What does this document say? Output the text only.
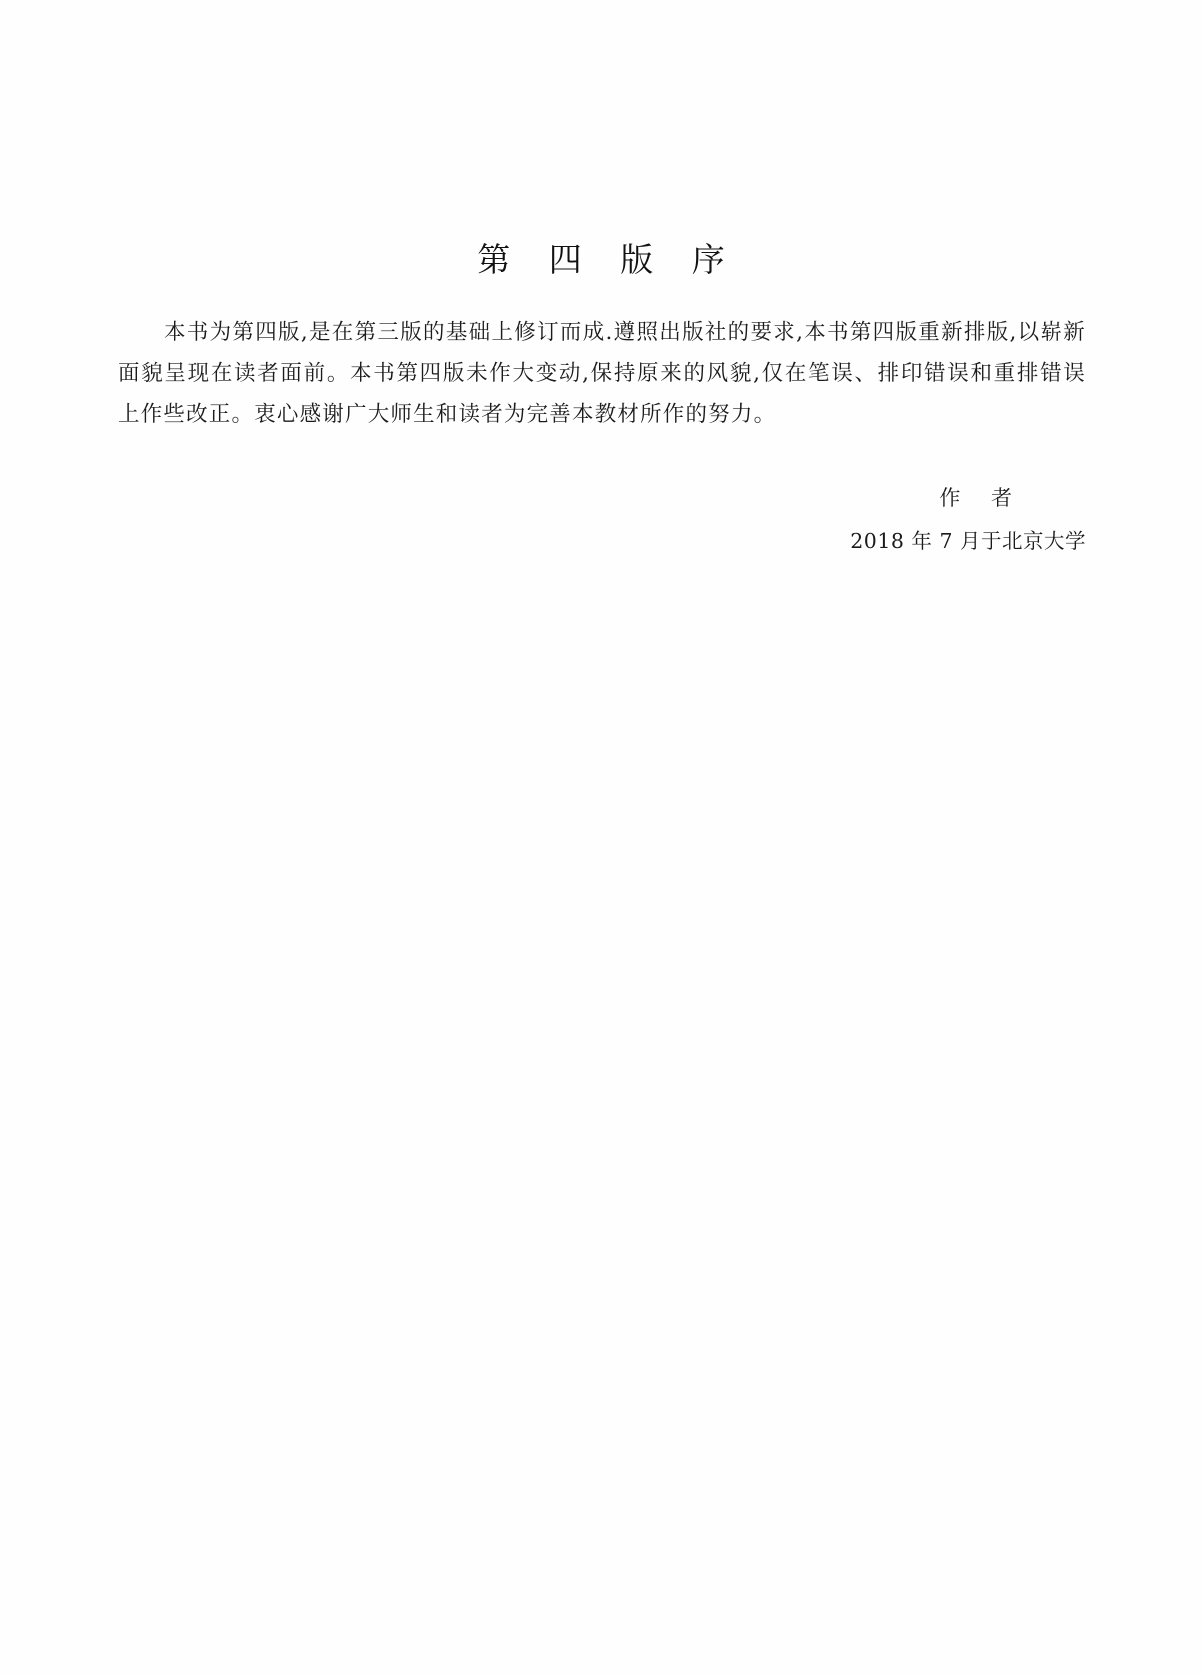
第 四 版 序

本书为第四版,是在第三版的基础上修订而成.遵照出版社的要求,本书第四版重新排版,以崭新面貌呈现在读者面前。本书第四版未作大变动,保持原来的风貌,仅在笔误、排印错误和重排错误上作些改正。衷心感谢广大师生和读者为完善本教材所作的努力。

作 者
2018 年 7 月于北京大学
